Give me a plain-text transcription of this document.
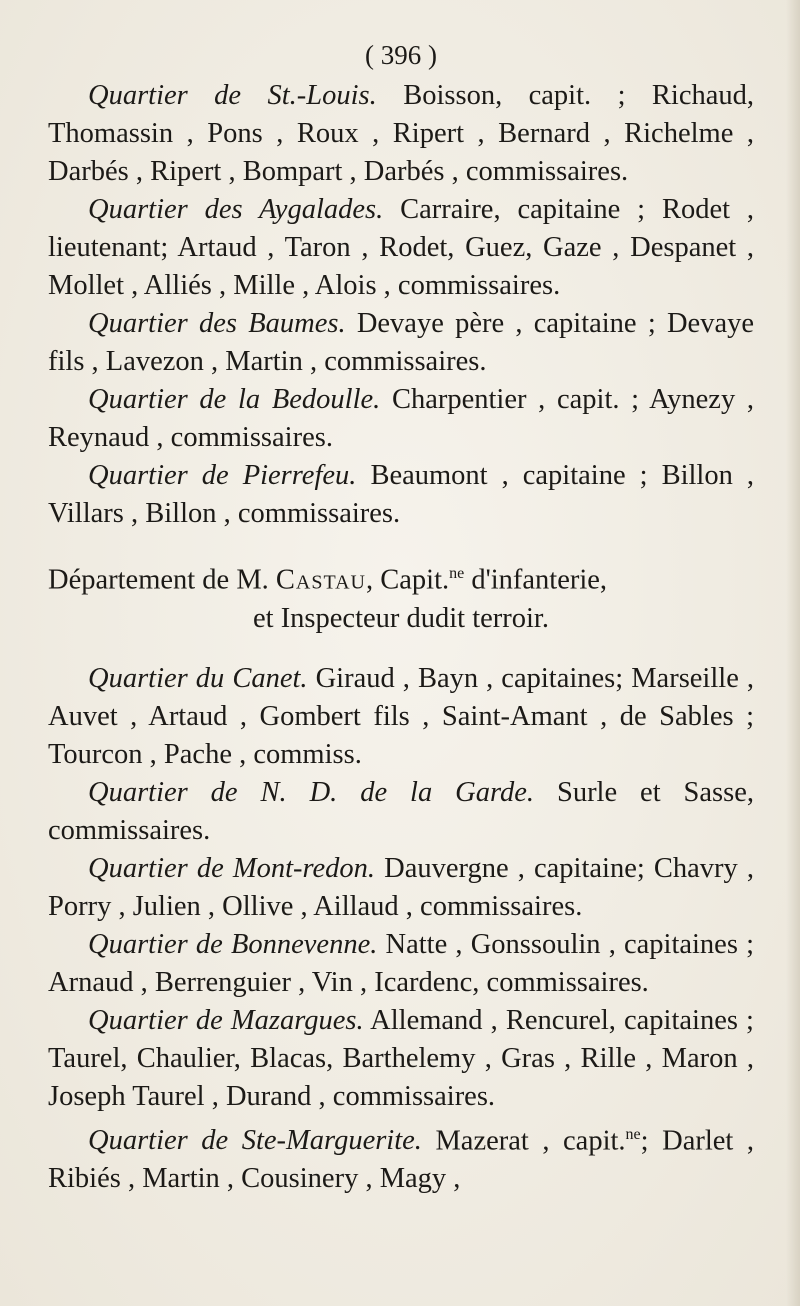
( 396 )

Quartier de St.-Louis. Boisson, capit. ; Richaud, Thomassin , Pons , Roux , Ripert , Bernard , Richelme , Darbés , Ripert , Bompart , Darbés , commissaires.

Quartier des Aygalades. Carraire, capitaine ; Rodet , lieutenant; Artaud , Taron , Rodet, Guez, Gaze , Despanet , Mollet , Alliés , Mille , Alois , commissaires.

Quartier des Baumes. Devaye père , capitaine ; Devaye fils , Lavezon , Martin , commissaires.

Quartier de la Bedoulle. Charpentier , capit. ; Aynezy , Reynaud , commissaires.

Quartier de Pierrefeu. Beaumont , capitaine ; Billon , Villars , Billon , commissaires.

Département de M. Castau, Capit.$^{ne}$ d'infanterie,
et Inspecteur dudit terroir.

Quartier du Canet. Giraud , Bayn , capitaines; Marseille , Auvet , Artaud , Gombert fils , Saint-Amant , de Sables ; Tourcon , Pache , commiss.

Quartier de N. D. de la Garde. Surle et Sasse, commissaires.

Quartier de Mont-redon. Dauvergne , capitaine; Chavry , Porry , Julien , Ollive , Aillaud , commissaires.

Quartier de Bonnevenne. Natte , Gonssoulin , capitaines ; Arnaud , Berrenguier , Vin , Icardenc, commissaires.

Quartier de Mazargues. Allemand , Rencurel, capitaines ; Taurel, Chaulier, Blacas, Barthelemy , Gras , Rille , Maron , Joseph Taurel , Durand , commissaires.

Quartier de Ste-Marguerite. Mazerat , capit.$^{ne}$; Darlet , Ribiés , Martin , Cousinery , Magy ,
